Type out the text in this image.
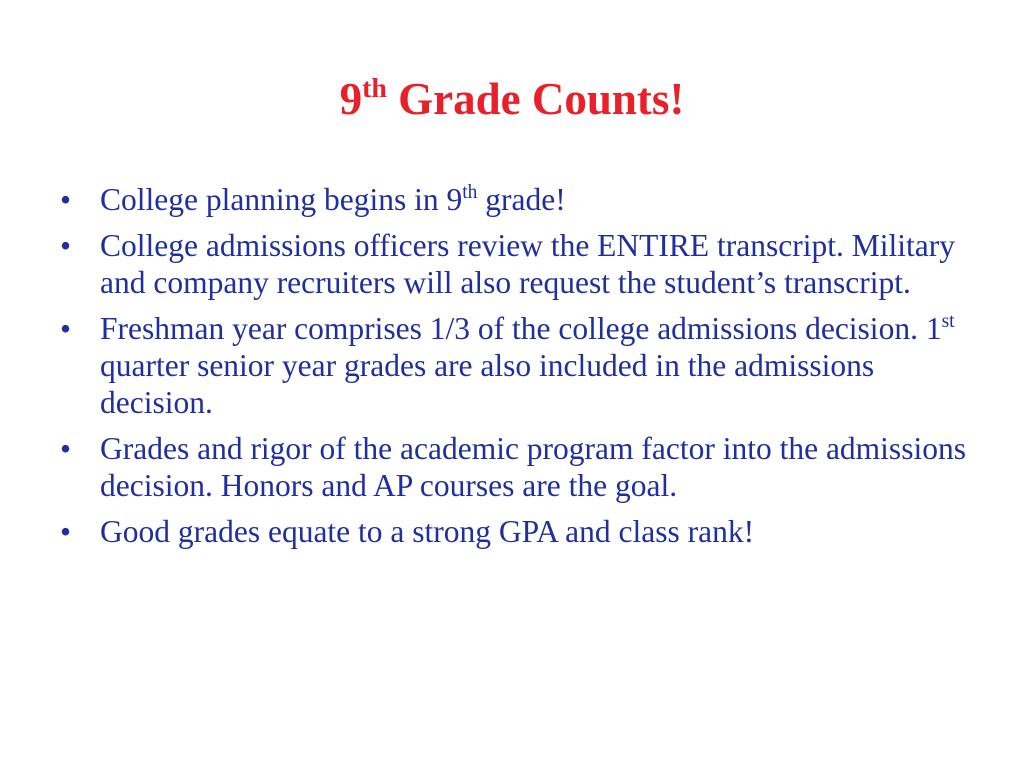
9th Grade Counts!
• College planning begins in 9th grade!
• College admissions officers review the ENTIRE transcript. Military and company recruiters will also request the student’s transcript.
• Freshman year comprises 1/3 of the college admissions decision. 1st quarter senior year grades are also included in the admissions decision.
• Grades and rigor of the academic program factor into the admissions decision. Honors and AP courses are the goal.
• Good grades equate to a strong GPA and class rank!
